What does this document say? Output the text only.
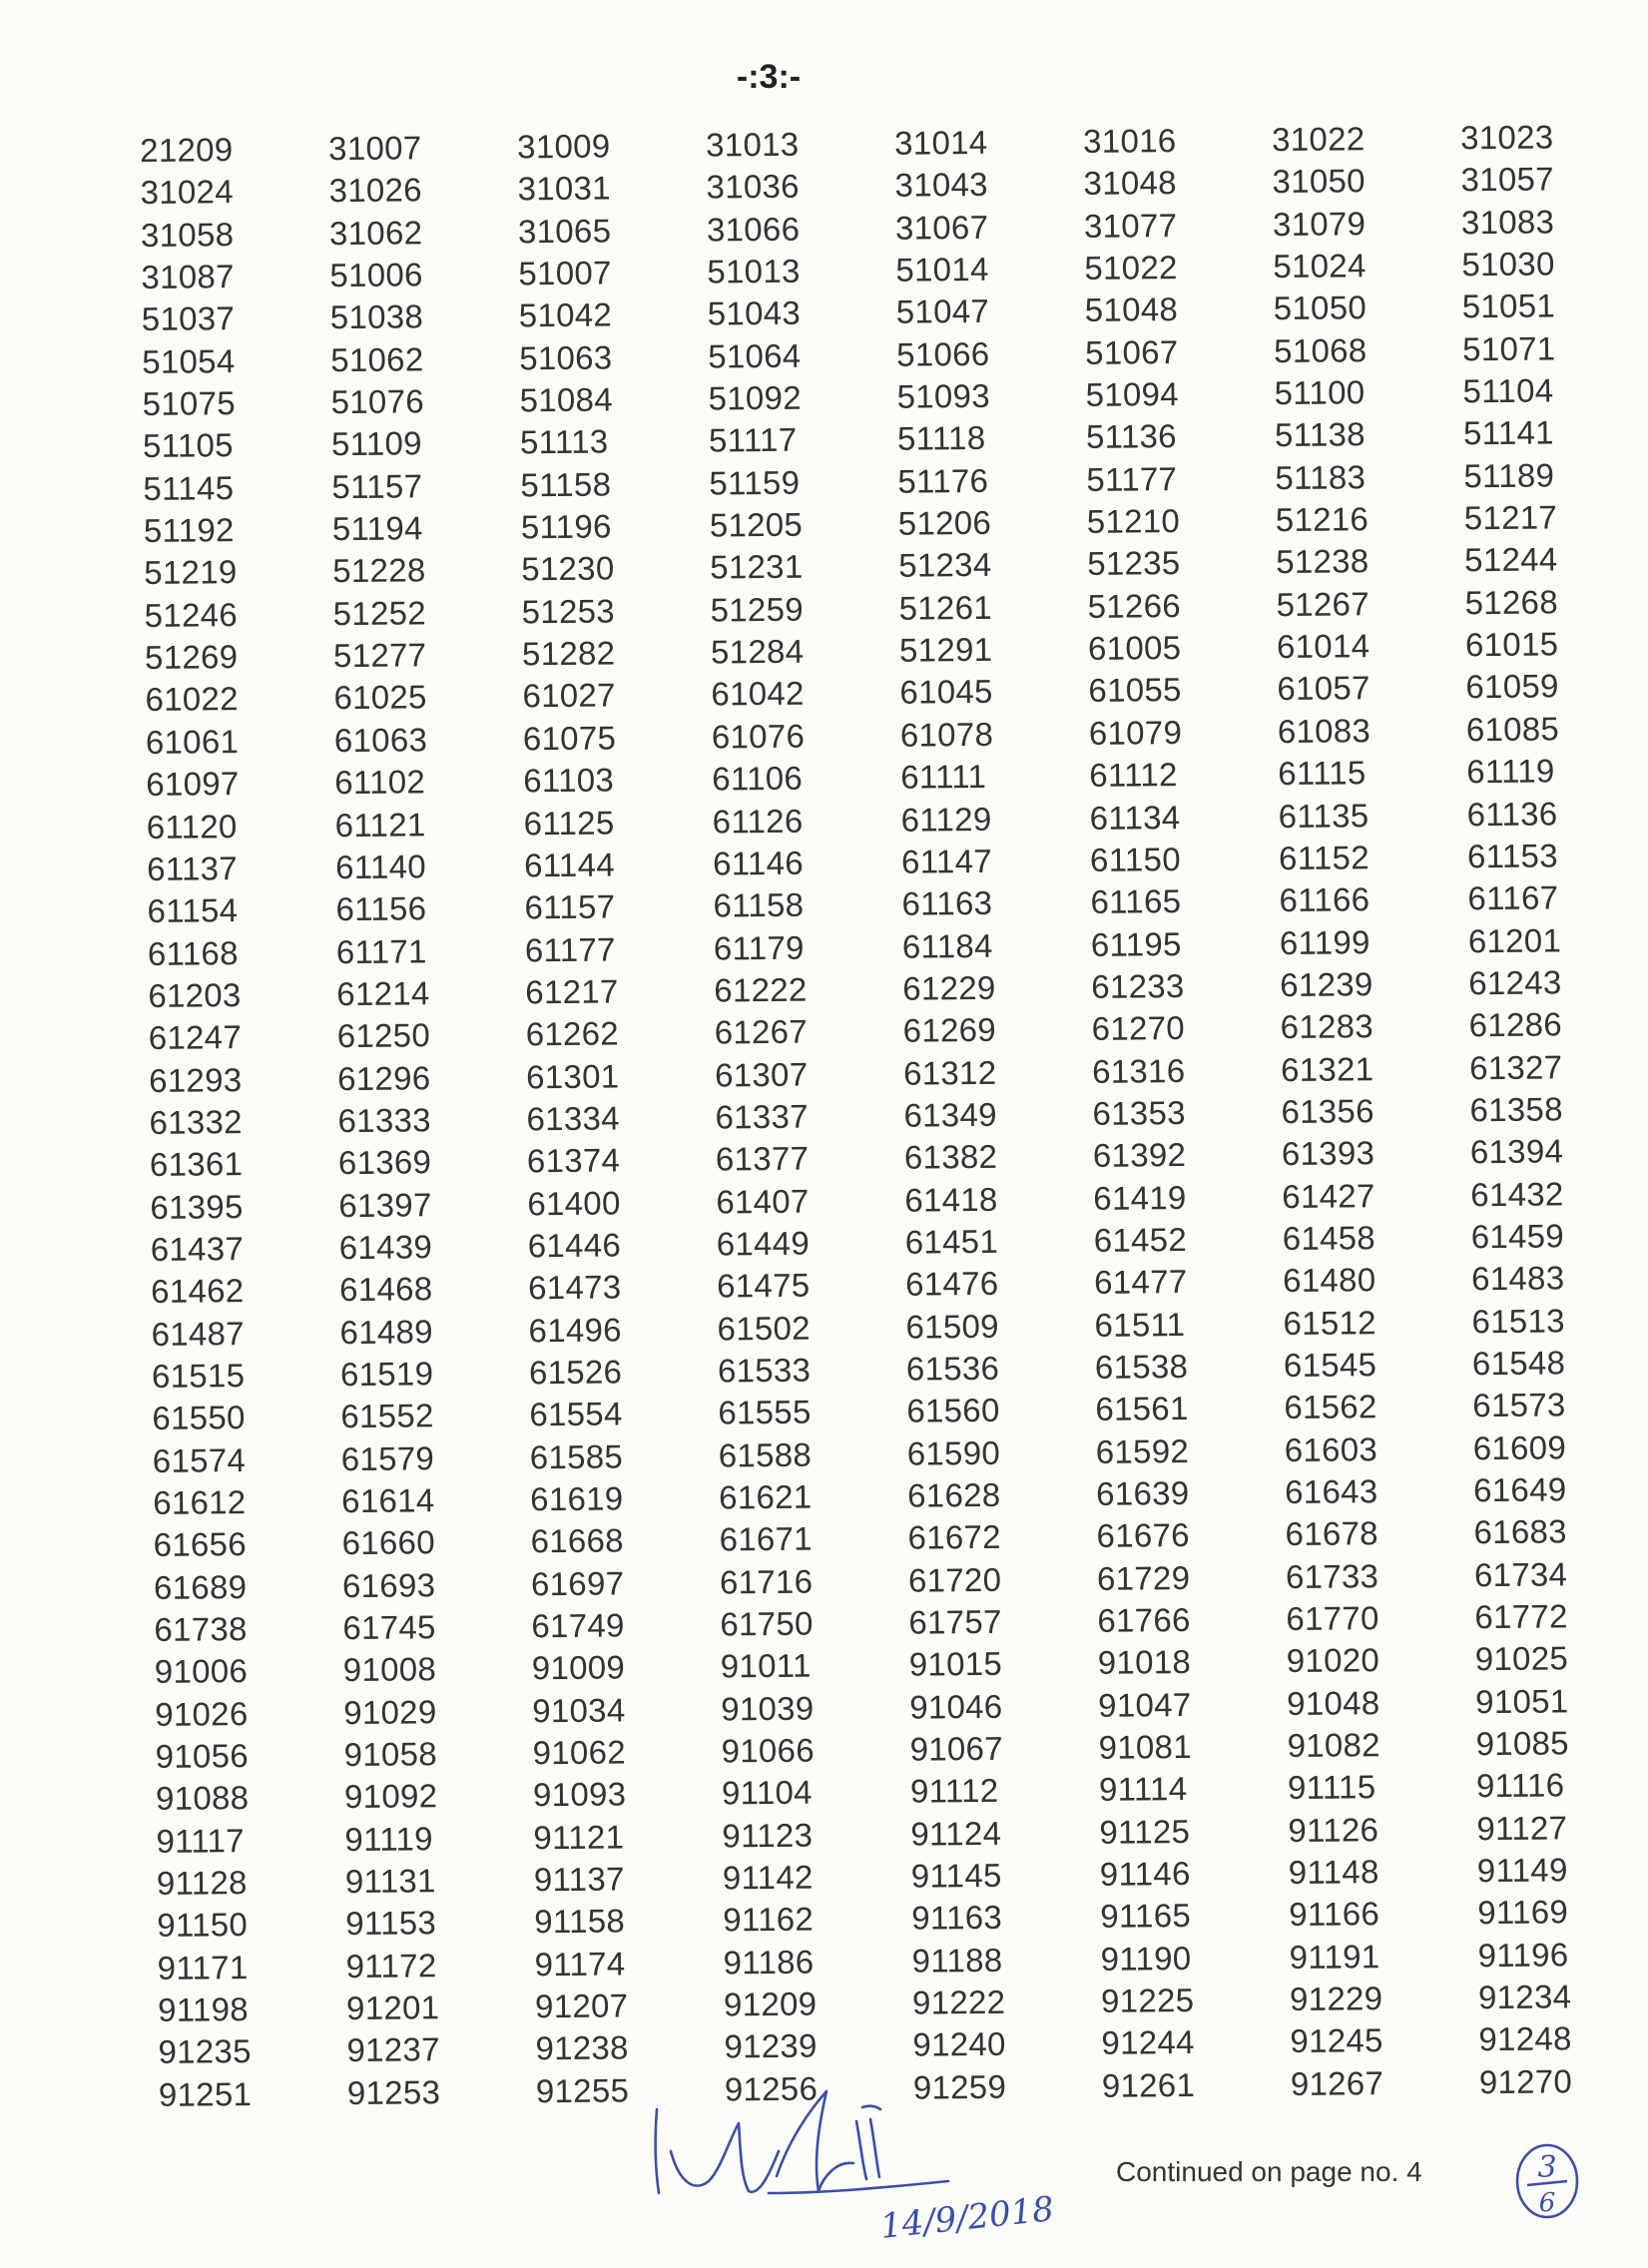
-:3:-
21209	31007	31009	31013	31014	31016	31022	31023
31024	31026	31031	31036	31043	31048	31050	31057
31058	31062	31065	31066	31067	31077	31079	31083
31087	51006	51007	51013	51014	51022	51024	51030
51037	51038	51042	51043	51047	51048	51050	51051
51054	51062	51063	51064	51066	51067	51068	51071
51075	51076	51084	51092	51093	51094	51100	51104
51105	51109	51113	51117	51118	51136	51138	51141
51145	51157	51158	51159	51176	51177	51183	51189
51192	51194	51196	51205	51206	51210	51216	51217
51219	51228	51230	51231	51234	51235	51238	51244
51246	51252	51253	51259	51261	51266	51267	51268
51269	51277	51282	51284	51291	61005	61014	61015
61022	61025	61027	61042	61045	61055	61057	61059
61061	61063	61075	61076	61078	61079	61083	61085
61097	61102	61103	61106	61111	61112	61115	61119
61120	61121	61125	61126	61129	61134	61135	61136
61137	61140	61144	61146	61147	61150	61152	61153
61154	61156	61157	61158	61163	61165	61166	61167
61168	61171	61177	61179	61184	61195	61199	61201
61203	61214	61217	61222	61229	61233	61239	61243
61247	61250	61262	61267	61269	61270	61283	61286
61293	61296	61301	61307	61312	61316	61321	61327
61332	61333	61334	61337	61349	61353	61356	61358
61361	61369	61374	61377	61382	61392	61393	61394
61395	61397	61400	61407	61418	61419	61427	61432
61437	61439	61446	61449	61451	61452	61458	61459
61462	61468	61473	61475	61476	61477	61480	61483
61487	61489	61496	61502	61509	61511	61512	61513
61515	61519	61526	61533	61536	61538	61545	61548
61550	61552	61554	61555	61560	61561	61562	61573
61574	61579	61585	61588	61590	61592	61603	61609
61612	61614	61619	61621	61628	61639	61643	61649
61656	61660	61668	61671	61672	61676	61678	61683
61689	61693	61697	61716	61720	61729	61733	61734
61738	61745	61749	61750	61757	61766	61770	61772
91006	91008	91009	91011	91015	91018	91020	91025
91026	91029	91034	91039	91046	91047	91048	91051
91056	91058	91062	91066	91067	91081	91082	91085
91088	91092	91093	91104	91112	91114	91115	91116
91117	91119	91121	91123	91124	91125	91126	91127
91128	91131	91137	91142	91145	91146	91148	91149
91150	91153	91158	91162	91163	91165	91166	91169
91171	91172	91174	91186	91188	91190	91191	91196
91198	91201	91207	91209	91222	91225	91229	91234
91235	91237	91238	91239	91240	91244	91245	91248
91251	91253	91255	91256	91259	91261	91267	91270
14/9/2018
Continued on page no. 4	3
6
